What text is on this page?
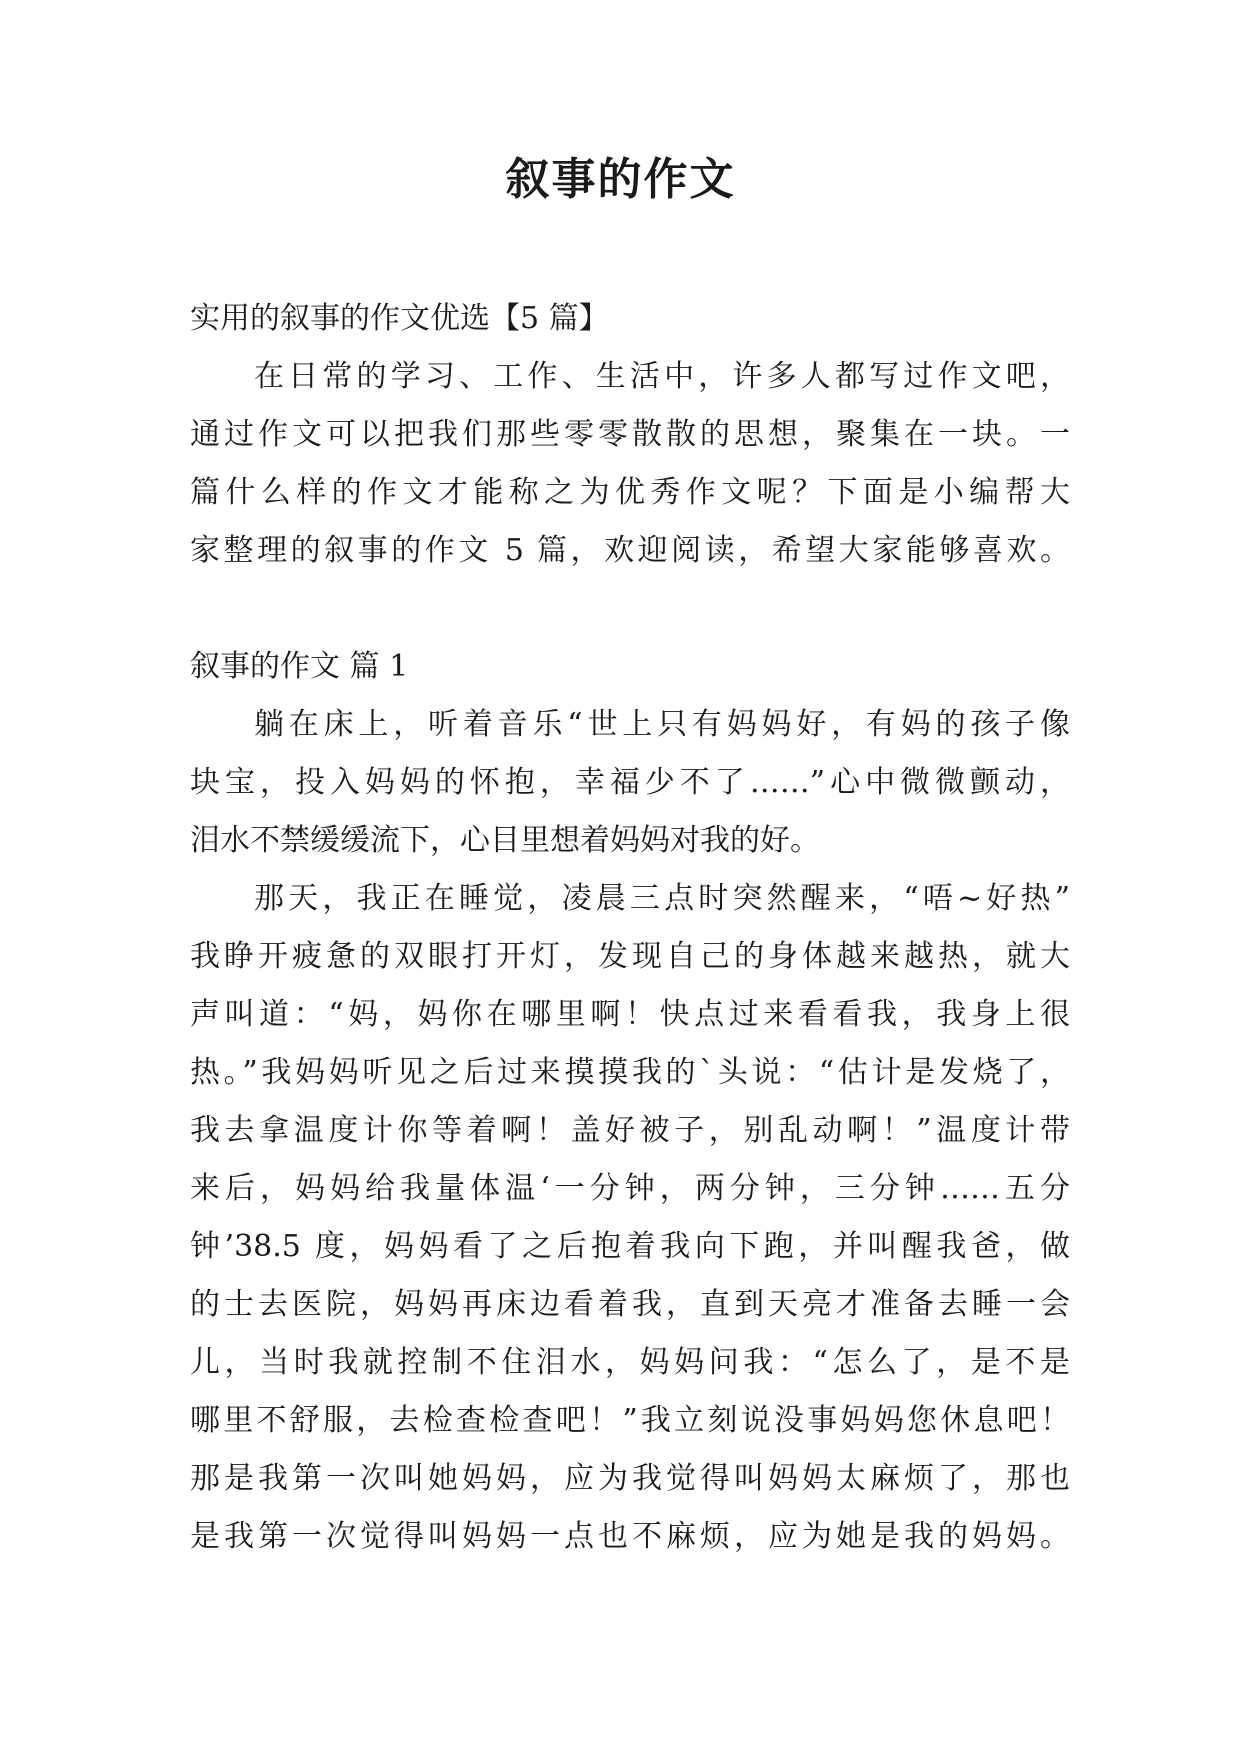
叙事的作文
实用的叙事的作文优选【5 篇】
在日常的学习、工作、生活中，许多人都写过作文吧，
通过作文可以把我们那些零零散散的思想，聚集在一块。一
篇什么样的作文才能称之为优秀作文呢？下面是小编帮大
家整理的叙事的作文 5 篇，欢迎阅读，希望大家能够喜欢。
叙事的作文 篇 1
躺在床上，听着音乐“世上只有妈妈好，有妈的孩子像
块宝，投入妈妈的怀抱，幸福少不了……”心中微微颤动，
泪水不禁缓缓流下，心目里想着妈妈对我的好。
那天，我正在睡觉，凌晨三点时突然醒来，“唔~好热”
我睁开疲惫的双眼打开灯，发现自己的身体越来越热，就大
声叫道：“妈，妈你在哪里啊！快点过来看看我，我身上很
热。”我妈妈听见之后过来摸摸我的`头说：“估计是发烧了，
我去拿温度计你等着啊！盖好被子，别乱动啊！”温度计带
来后，妈妈给我量体温‘一分钟，两分钟，三分钟……五分
钟’38.5 度，妈妈看了之后抱着我向下跑，并叫醒我爸，做
的士去医院，妈妈再床边看着我，直到天亮才准备去睡一会
儿，当时我就控制不住泪水，妈妈问我：“怎么了，是不是
哪里不舒服，去检查检查吧！”我立刻说没事妈妈您休息吧！
那是我第一次叫她妈妈，应为我觉得叫妈妈太麻烦了，那也
是我第一次觉得叫妈妈一点也不麻烦，应为她是我的妈妈。
